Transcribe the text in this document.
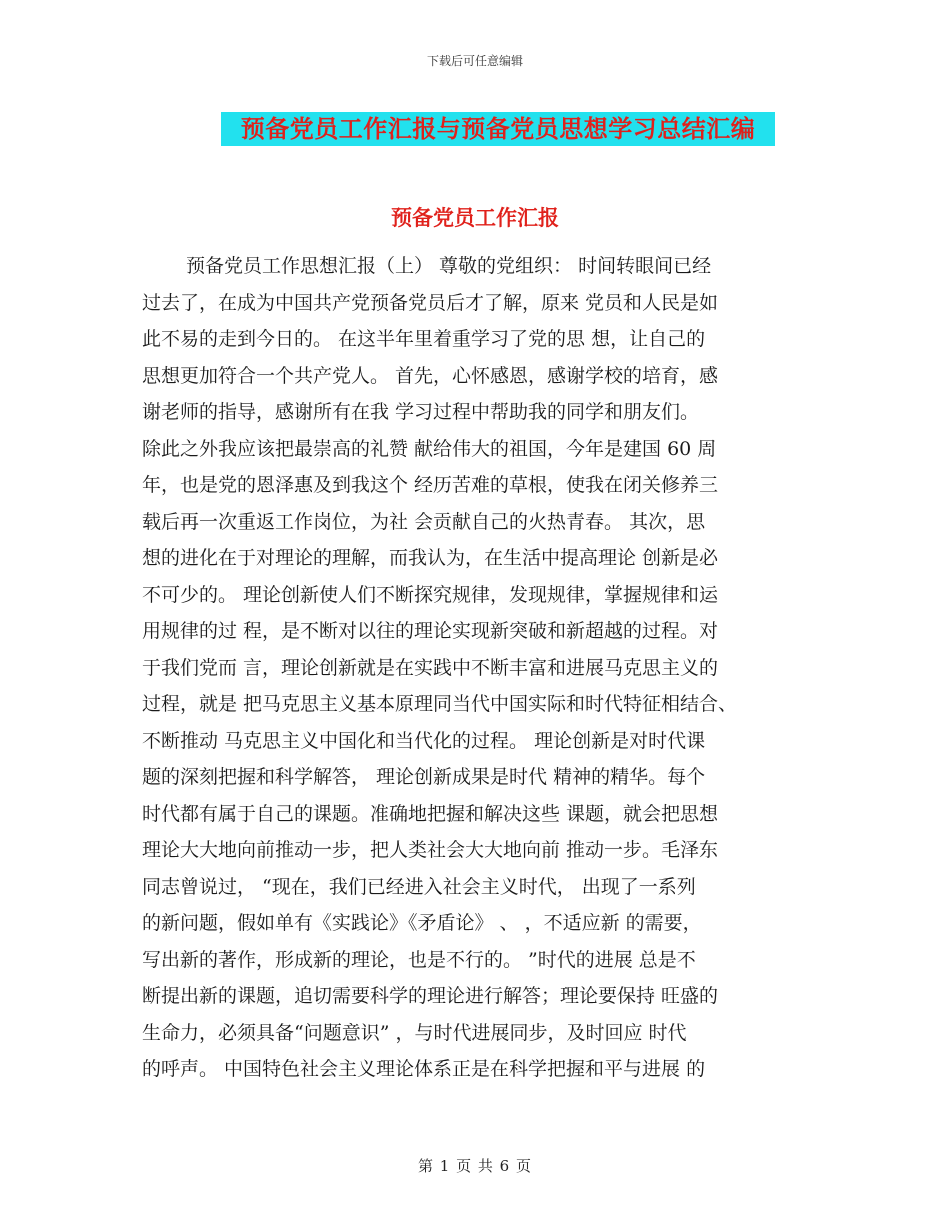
下载后可任意编辑
预备党员工作汇报与预备党员思想学习总结汇编
预备党员工作汇报
预备党员工作思想汇报（上） 尊敬的党组织： 时间转眼间已经
过去了，在成为中国共产党预备党员后才了解，原来 党员和人民是如
此不易的走到今日的。 在这半年里着重学习了党的思 想，让自己的
思想更加符合一个共产党人。 首先，心怀感恩，感谢学校的培育，感
谢老师的指导，感谢所有在我 学习过程中帮助我的同学和朋友们。
除此之外我应该把最崇高的礼赞 献给伟大的祖国，今年是建国 60 周
年，也是党的恩泽惠及到我这个 经历苦难的草根，使我在闭关修养三
载后再一次重返工作岗位，为社 会贡献自己的火热青春。 其次，思
想的进化在于对理论的理解，而我认为，在生活中提高理论 创新是必
不可少的。 理论创新使人们不断探究规律，发现规律，掌握规律和运
用规律的过 程，是不断对以往的理论实现新突破和新超越的过程。对
于我们党而 言，理论创新就是在实践中不断丰富和进展马克思主义的
过程，就是 把马克思主义基本原理同当代中国实际和时代特征相结合、
不断推动 马克思主义中国化和当代化的过程。 理论创新是对时代课
题的深刻把握和科学解答， 理论创新成果是时代 精神的精华。每个
时代都有属于自己的课题。准确地把握和解决这些 课题，就会把思想
理论大大地向前推动一步，把人类社会大大地向前 推动一步。毛泽东
同志曾说过， “现在，我们已经进入社会主义时代， 出现了一系列
的新问题，假如单有《实践论》《矛盾论》 、 ，不适应新 的需要，
写出新的著作，形成新的理论，也是不行的。 ”时代的进展 总是不
断提出新的课题，追切需要科学的理论进行解答；理论要保持 旺盛的
生命力，必须具备“问题意识” ，与时代进展同步，及时回应 时代
的呼声。 中国特色社会主义理论体系正是在科学把握和平与进展 的
第 1 页 共 6 页
